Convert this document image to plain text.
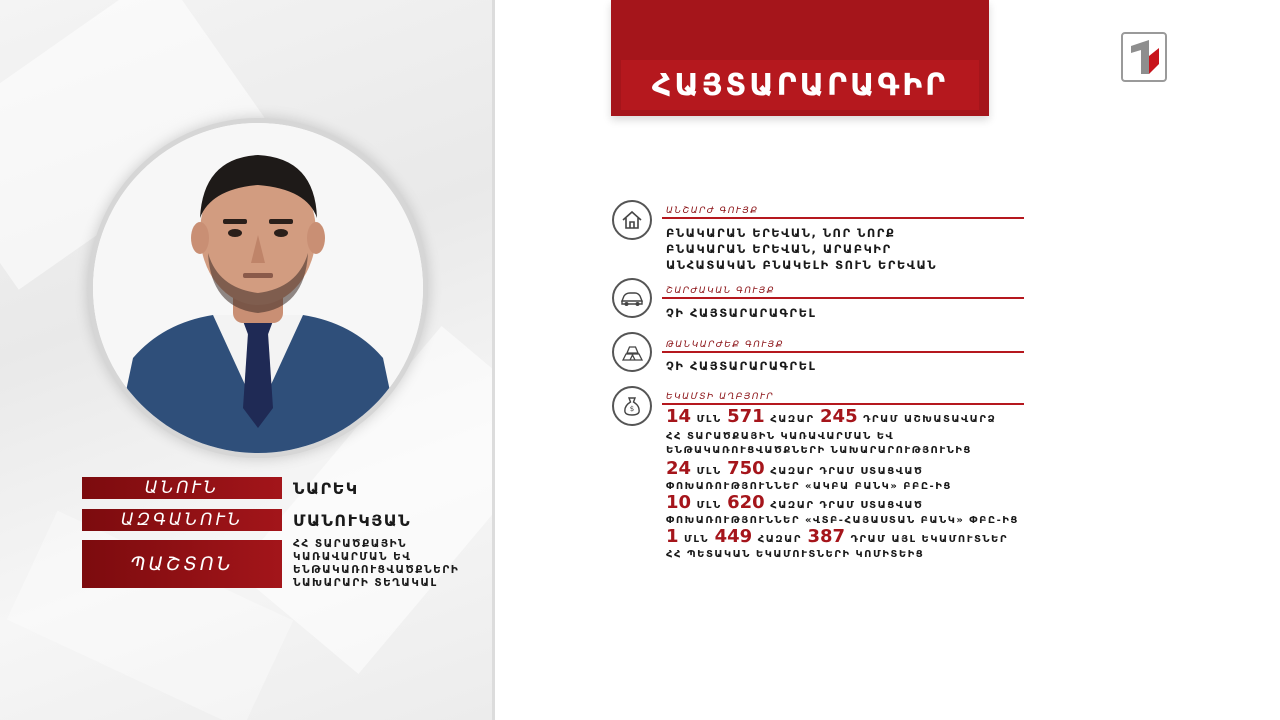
ԱՆՈՒՆ	ՆԱՐԵԿ
ԱԶԳԱՆՈՒՆ	ՄԱՆՈՒԿՅԱՆ
ՊԱՇՏՈՆ
ՀՀ ՏԱՐԱԾՔԱՅԻՆ
ԿԱՌԱՎԱՐՄԱՆ ԵՎ
ԵՆԹԱԿԱՌՈՒՑՎԱԾՔՆԵՐԻ
ՆԱԽԱՐԱՐԻ ՏԵՂԱԿԱԼ
ՀԱՅՏԱՐԱՐԱԳԻՐ
ԱՆՇԱՐԺ ԳՈՒՅՔ
ԲՆԱԿԱՐԱՆ ԵՐԵՎԱՆ, ՆՈՐ ՆՈՐՔ
ԲՆԱԿԱՐԱՆ ԵՐԵՎԱՆ, ԱՐԱԲԿԻՐ
ԱՆՀԱՏԱԿԱՆ ԲՆԱԿԵԼԻ ՏՈՒՆ ԵՐԵՎԱՆ
ՇԱՐԺԱԿԱՆ ԳՈՒՅՔ
ՉԻ ՀԱՅՏԱՐԱՐԱԳՐԵԼ
ԹԱՆԿԱՐԺԵՔ ԳՈՒՅՔ
ՉԻ ՀԱՅՏԱՐԱՐԱԳՐԵԼ
$
ԵԿԱՄՏԻ ԱՂԲՅՈՒՐ
14 ՄԼՆ 571 ՀԱԶԱՐ 245 ԴՐԱՄ ԱՇԽԱՏԱՎԱՐՁ
ՀՀ ՏԱՐԱԾՔԱՅԻՆ ԿԱՌԱՎԱՐՄԱՆ ԵՎ
ԵՆԹԱԿԱՌՈՒՑՎԱԾՔՆԵՐԻ ՆԱԽԱՐԱՐՈՒԹՅՈՒՆԻՑ
24 ՄԼՆ 750 ՀԱԶԱՐ ԴՐԱՄ ՍՏԱՑՎԱԾ
ՓՈԽԱՌՈՒԹՅՈՒՆՆԵՐ «ԱԿԲԱ ԲԱՆԿ» ԲԲԸ-ԻՑ
10 ՄԼՆ 620 ՀԱԶԱՐ ԴՐԱՄ ՍՏԱՑՎԱԾ
ՓՈԽԱՌՈՒԹՅՈՒՆՆԵՐ «ՎՏԲ-ՀԱՅԱՍՏԱՆ ԲԱՆԿ» ՓԲԸ-ԻՑ
1 ՄԼՆ 449 ՀԱԶԱՐ 387 ԴՐԱՄ ԱՅԼ ԵԿԱՄՈՒՏՆԵՐ
ՀՀ ՊԵՏԱԿԱՆ ԵԿԱՄՈՒՏՆԵՐԻ ԿՈՄԻՏԵԻՑ
